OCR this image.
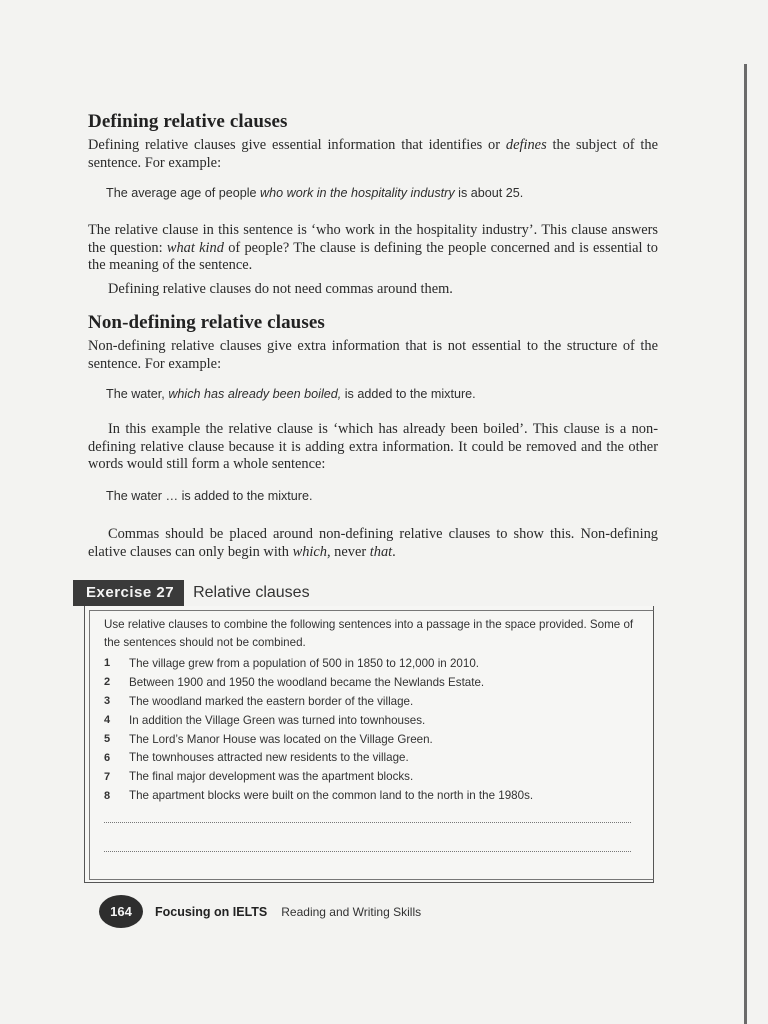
Defining relative clauses

Defining relative clauses give essential information that identifies or defines the subject of the sentence. For example:

The average age of people who work in the hospitality industry is about 25.

The relative clause in this sentence is ‘who work in the hospitality industry’. This clause answers the question: what kind of people? The clause is defining the people concerned and is essential to the meaning of the sentence.

Defining relative clauses do not need commas around them.

Non-defining relative clauses

Non-defining relative clauses give extra information that is not essential to the structure of the sentence. For example:

The water, which has already been boiled, is added to the mixture.

In this example the relative clause is ‘which has already been boiled’. This clause is a non-defining relative clause because it is adding extra information. It could be removed and the other words would still form a whole sentence:

The water … is added to the mixture.

Commas should be placed around non-defining relative clauses to show this. Non-defining elative clauses can only begin with which, never that.

Exercise 27	Relative clauses

Use relative clauses to combine the following sentences into a passage in the space provided. Some of the sentences should not be combined.

1	The village grew from a population of 500 in 1850 to 12,000 in 2010.
2	Between 1900 and 1950 the woodland became the Newlands Estate.
3	The woodland marked the eastern border of the village.
4	In addition the Village Green was turned into townhouses.
5	The Lord’s Manor House was located on the Village Green.
6	The townhouses attracted new residents to the village.
7	The final major development was the apartment blocks.
8	The apartment blocks were built on the common land to the north in the 1980s.
164	Focusing on IELTS Reading and Writing Skills
